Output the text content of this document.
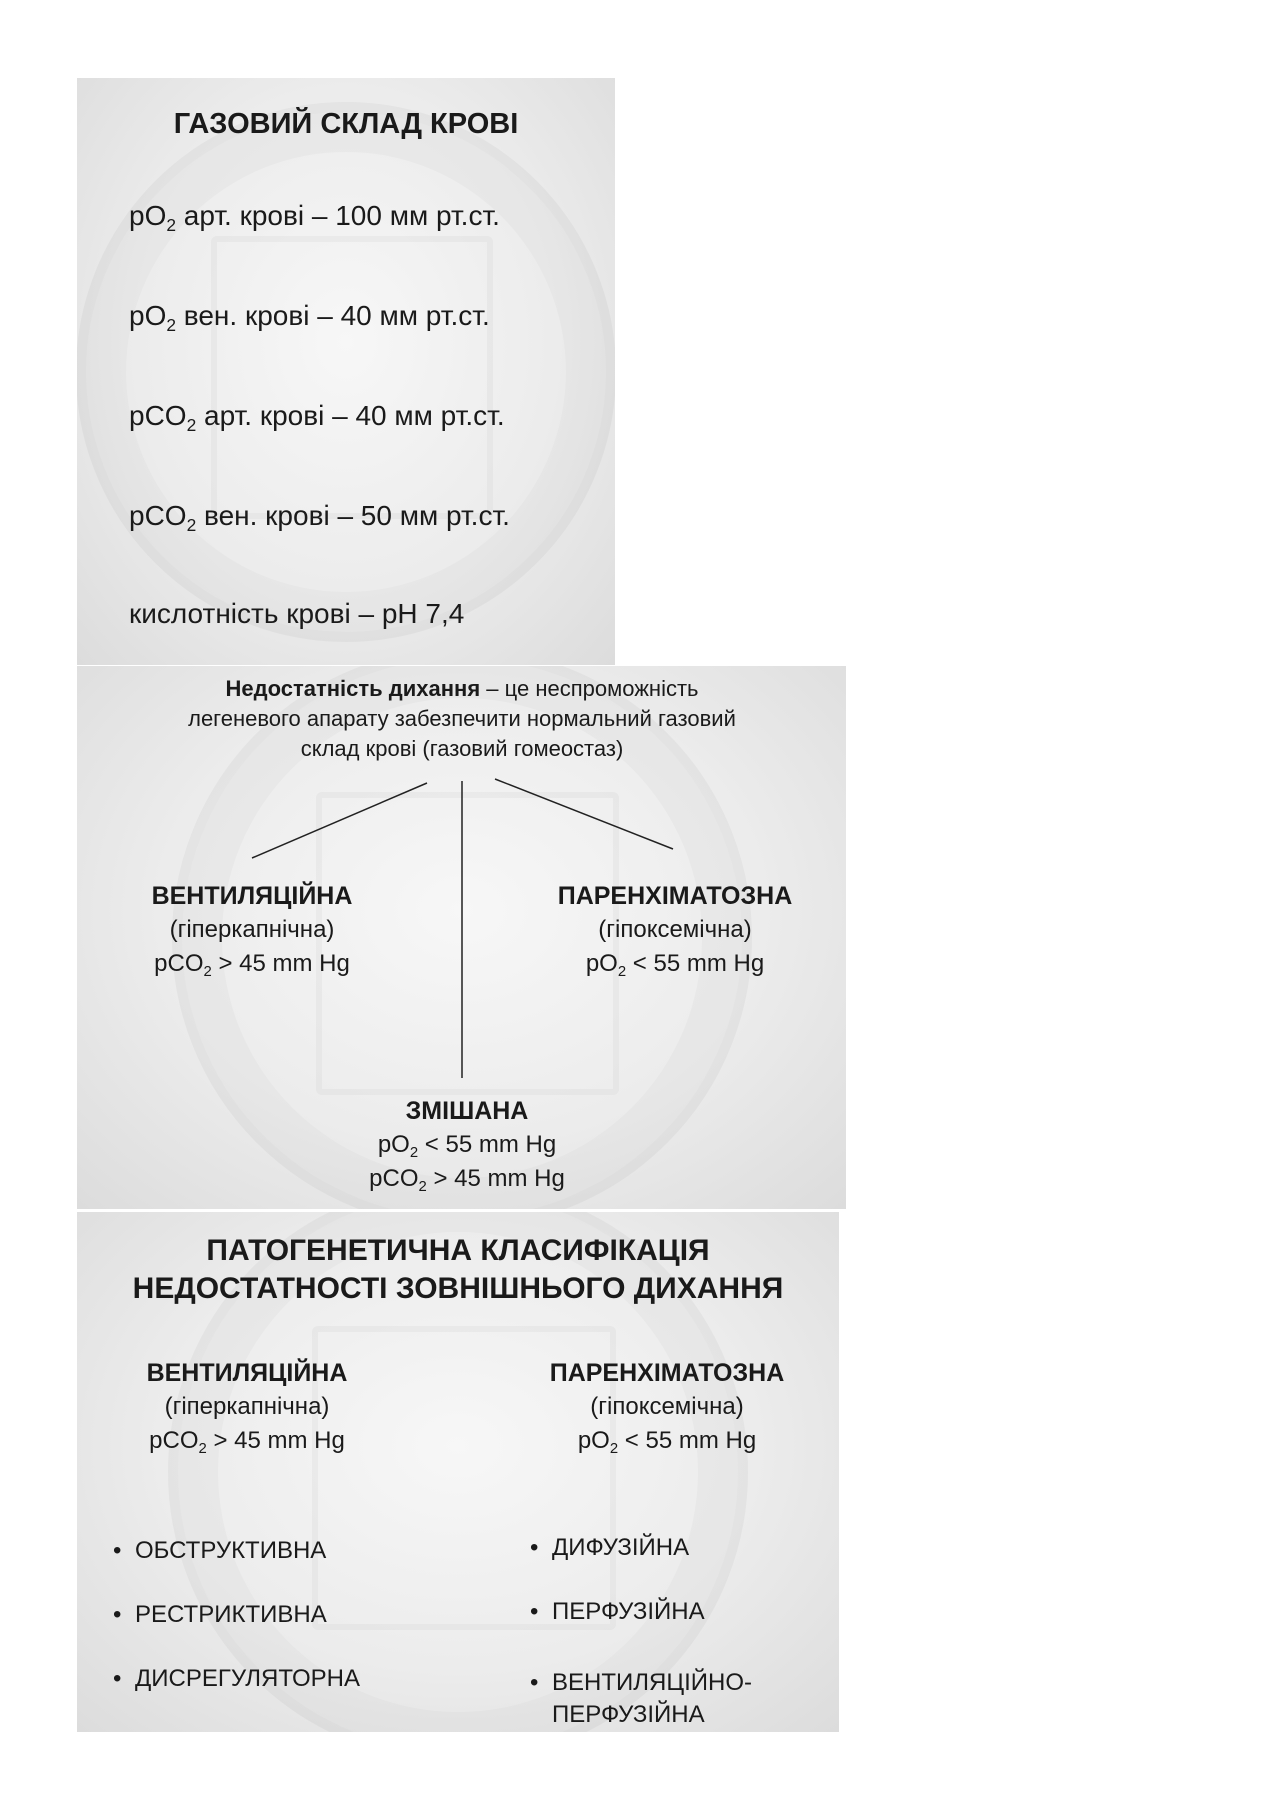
ГАЗОВИЙ СКЛАД КРОВІ
$pO_2$ арт. крові – 100 мм рт.ст.
$pO_2$ вен. крові – 40 мм рт.ст.
pCO$_2$ арт. крові – 40 мм рт.ст.
pCO$_2$ вен. крові – 50 мм рт.ст.
кислотність крові – pH 7,4
Недостатність дихання – це неспроможність
легеневого апарату забезпечити нормальний газовий
склад крові (газовий гомеостаз)
ВЕНТИЛЯЦІЙНА
(гіперкапнічна)
pCO$_2$ > 45 mm Hg
ПАРЕНХІМАТОЗНА
(гіпоксемічна)
$pO_2 < 55$ mm Hg
ЗМІШАНА
$pO_2 < 55$ mm Hg
pCO$_2$ > 45 mm Hg
ПАТОГЕНЕТИЧНА КЛАСИФІКАЦІЯ
НЕДОСТАТНОСТІ ЗОВНІШНЬОГО ДИХАННЯ
ВЕНТИЛЯЦІЙНА
(гіперкапнічна)
pCO$_2$ > 45 mm Hg
ПАРЕНХІМАТОЗНА
(гіпоксемічна)
$pO_2 < 55$ mm Hg
• ОБСТРУКТИВНА
• РЕСТРИКТИВНА
• ДИСРЕГУЛЯТОРНА
• ДИФУЗІЙНА
• ПЕРФУЗІЙНА
• ВЕНТИЛЯЦІЙНО-
ПЕРФУЗІЙНА
